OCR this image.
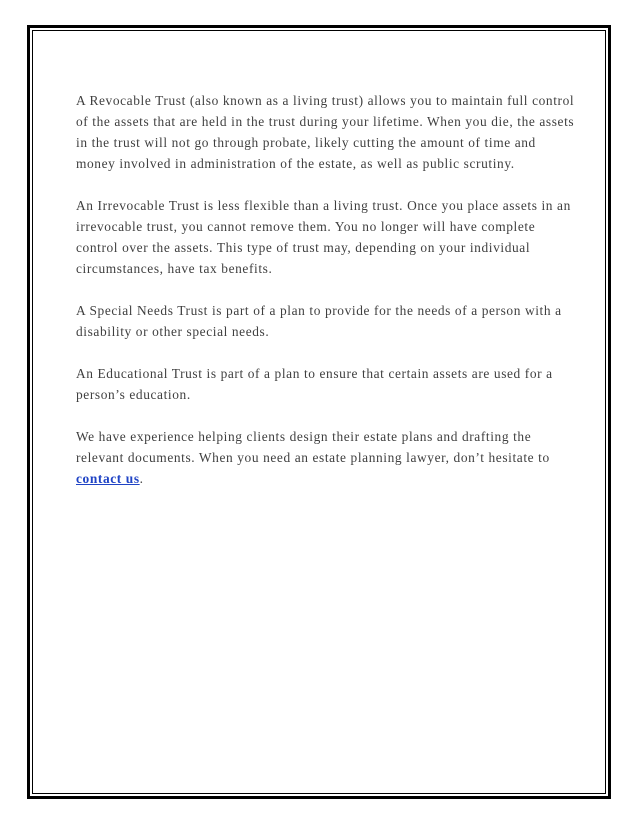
A Revocable Trust (also known as a living trust) allows you to maintain full control of the assets that are held in the trust during your lifetime. When you die, the assets in the trust will not go through probate, likely cutting the amount of time and money involved in administration of the estate, as well as public scrutiny.

An Irrevocable Trust is less flexible than a living trust. Once you place assets in an irrevocable trust, you cannot remove them. You no longer will have complete control over the assets. This type of trust may, depending on your individual circumstances, have tax benefits.

A Special Needs Trust is part of a plan to provide for the needs of a person with a disability or other special needs.

An Educational Trust is part of a plan to ensure that certain assets are used for a person’s education.

We have experience helping clients design their estate plans and drafting the relevant documents. When you need an estate planning lawyer, don’t hesitate to contact us.
